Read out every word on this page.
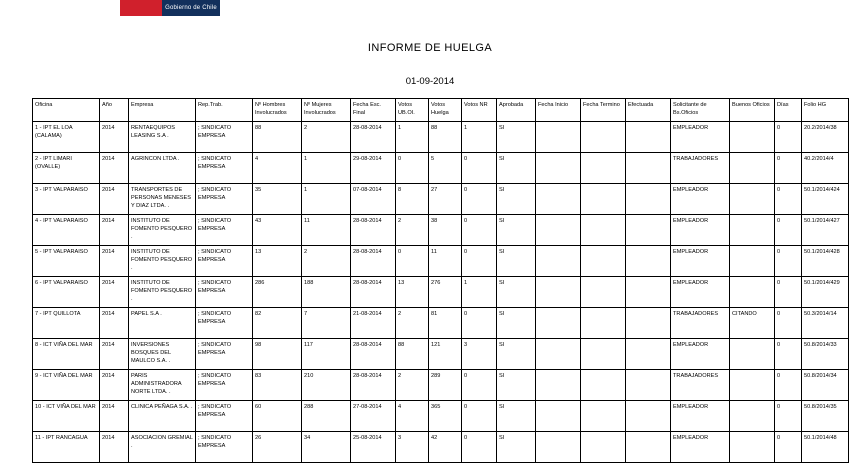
Gobierno de Chile
INFORME DE HUELGA
01-09-2014
Oficina	Año	Empresa	Rep.Trab.	Nº Hombres Involucrados	Nº Mujeres Involucrados	Fecha Esc. Final	Votos UB.OI.	Votos Huelga	Votos NR	Aprobada	Fecha Inicio	Fecha Termino	Efectuada	Solicitante de Bs.Oficios	Buenos Oficios	Días	Folio HG
1 - IPT EL LOA (CALAMA)	2014	RENTAEQUIPOS LEASING S.A .	; SINDICATO EMPRESA	88	2	28-08-2014	1	88	1	SI				EMPLEADOR		0	20.2/2014/38
2 - IPT LIMARI (OVALLE)	2014	AGRINCON LTDA .	; SINDICATO EMPRESA	4	1	29-08-2014	0	5	0	SI				TRABAJADORES		0	40.2/2014/4
3 - IPT VALPARAISO	2014	TRANSPORTES DE PERSONAS MENESES Y DIAZ LTDA. .	; SINDICATO EMPRESA	35	1	07-08-2014	8	27	0	SI				EMPLEADOR		0	50.1/2014/424
4 - IPT VALPARAISO	2014	INSTITUTO DE FOMENTO PESQUERO .	; SINDICATO EMPRESA	43	11	28-08-2014	2	38	0	SI				EMPLEADOR		0	50.1/2014/427
5 - IPT VALPARAISO	2014	INSTITUTO DE FOMENTO PESQUERO .	; SINDICATO EMPRESA	13	2	28-08-2014	0	11	0	SI				EMPLEADOR		0	50.1/2014/428
6 - IPT VALPARAISO	2014	INSTITUTO DE FOMENTO PESQUERO .	; SINDICATO EMPRESA	286	188	28-08-2014	13	276	1	SI				EMPLEADOR		0	50.1/2014/429
7 - IPT QUILLOTA	2014	PAPEL S.A .	; SINDICATO EMPRESA	82	7	21-08-2014	2	81	0	SI				TRABAJADORES	CITANDO	0	50.3/2014/14
8 - ICT VIÑA DEL MAR	2014	INVERSIONES BOSQUES DEL MAULCO S.A. .	; SINDICATO EMPRESA	98	117	28-08-2014	88	121	3	SI				EMPLEADOR		0	50.8/2014/33
9 - ICT VIÑA DEL MAR	2014	PARIS ADMINISTRADORA NORTE LTDA. .	; SINDICATO EMPRESA	83	210	28-08-2014	2	289	0	SI				TRABAJADORES		0	50.8/2014/34
10 - ICT VIÑA DEL MAR	2014	CLINICA PEÑAGA S.A. .	; SINDICATO EMPRESA	60	288	27-08-2014	4	365	0	SI				EMPLEADOR		0	50.8/2014/35
11 - IPT RANCAGUA	2014	ASOCIACION GREMIAL .	; SINDICATO EMPRESA	26	34	25-08-2014	3	42	0	SI				EMPLEADOR		0	50.1/2014/48
